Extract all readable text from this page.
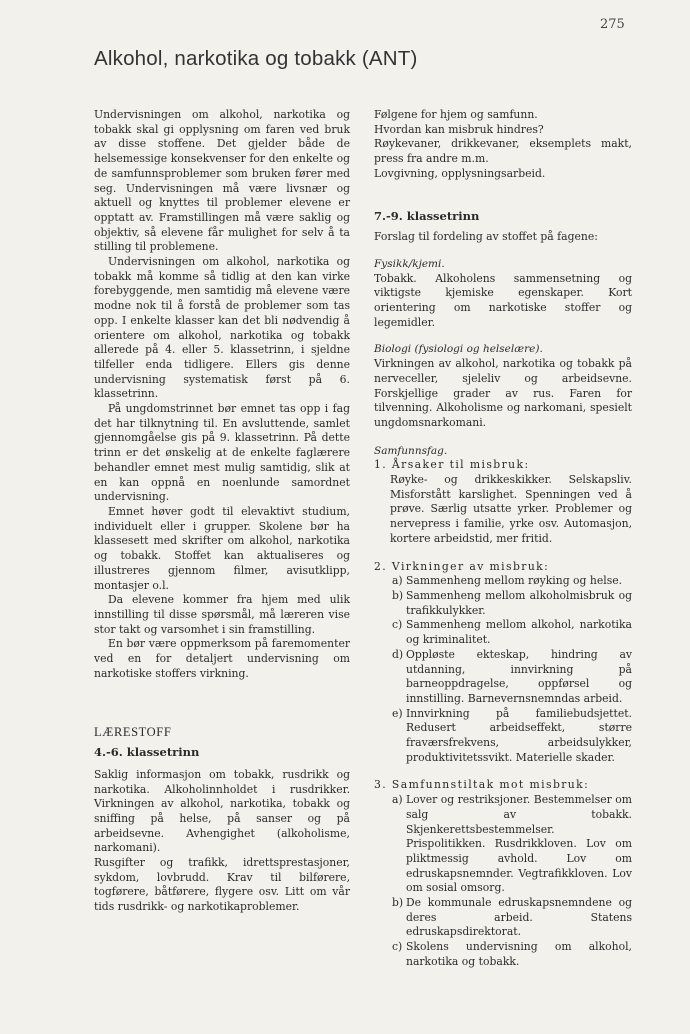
275
Alkohol, narkotika og tobakk (ANT)

Undervisningen om alkohol, narkotika og tobakk skal gi opplysning om faren ved bruk av disse stoffene. Det gjelder både de helsemessige konsekvenser for den enkelte og de samfunnsproblemer som bruken fører med seg. Undervisningen må være livsnær og aktuell og knyttes til problemer elevene er opptatt av. Framstillingen må være saklig og objektiv, så elevene får mulighet for selv å ta stilling til problemene.

Undervisningen om alkohol, narkotika og tobakk må komme så tidlig at den kan virke forebyggende, men samtidig må elevene være modne nok til å forstå de problemer som tas opp. I enkelte klasser kan det bli nødvendig å orientere om alkohol, narkotika og tobakk allerede på 4. eller 5. klassetrinn, i sjeldne tilfeller enda tidligere. Ellers gis denne undervisning systematisk først på 6. klassetrinn.

På ungdomstrinnet bør emnet tas opp i fag det har tilknytning til. En avsluttende, samlet gjennomgåelse gis på 9. klassetrinn. På dette trinn er det ønskelig at de enkelte faglærere behandler emnet mest mulig samtidig, slik at en kan oppnå en noenlunde samordnet undervisning.

Emnet høver godt til elevaktivt studium, individuelt eller i grupper. Skolene bør ha klassesett med skrifter om alkohol, narkotika og tobakk. Stoffet kan aktualiseres og illustreres gjennom filmer, avisutklipp, montasjer o.l.

Da elevene kommer fra hjem med ulik innstilling til disse spørsmål, må læreren vise stor takt og varsomhet i sin framstilling.

En bør være oppmerksom på faremomenter ved en for detaljert undervisning om narkotiske stoffers virkning.

LÆRESTOFF

4.-6. klassetrinn

Saklig informasjon om tobakk, rusdrikk og narkotika. Alkoholinnholdet i rusdrikker. Virkningen av alkohol, narkotika, tobakk og sniffing på helse, på sanser og på arbeidsevne. Avhengighet (alkoholisme, narkomani).

Rusgifter og trafikk, idrettsprestasjoner, sykdom, lovbrudd. Krav til bilførere, togførere, båtførere, flygere osv. Litt om vår tids rusdrikk- og narkotikaproblemer.

Følgene for hjem og samfunn.

Hvordan kan misbruk hindres?

Røykevaner, drikkevaner, eksemplets makt, press fra andre m.m.

Lovgivning, opplysningsarbeid.

7.-9. klassetrinn

Forslag til fordeling av stoffet på fagene:

Fysikk/kjemi.

Tobakk. Alkoholens sammensetning og viktigste kjemiske egenskaper. Kort orientering om narkotiske stoffer og legemidler.

Biologi (fysiologi og helselære).

Virkningen av alkohol, narkotika og tobakk på nerveceller, sjeleliv og arbeidsevne. Forskjellige grader av rus. Faren for tilvenning. Alkoholisme og narkomani, spesielt ungdomsnarkomani.

Samfunnsfag.

1. Årsaker til misbruk:

Røyke- og drikkeskikker. Selskapsliv. Misforstått karslighet. Spenningen ved å prøve. Særlig utsatte yrker. Problemer og nervepress i familie, yrke osv. Automasjon, kortere arbeidstid, mer fritid.

2. Virkninger av misbruk:

a) Sammenheng mellom røyking og helse.
b) Sammenheng mellom alkoholmisbruk og trafikkulykker.
c) Sammenheng mellom alkohol, narkotika og kriminalitet.
d) Oppløste ekteskap, hindring av utdanning, innvirkning på barneoppdragelse, oppførsel og innstilling. Barnevernsnemndas arbeid.
e) Innvirkning på familiebudsjettet. Redusert arbeidseffekt, større fraværsfrekvens, arbeidsulykker, produktivitetssvikt. Materielle skader.

3. Samfunnstiltak mot misbruk:

a) Lover og restriksjoner. Bestemmelser om salg av tobakk. Skjenkerettsbestemmelser. Prispolitikken. Rusdrikkloven. Lov om pliktmessig avhold. Lov om edruskapsnemnder. Vegtrafikkloven. Lov om sosial omsorg.
b) De kommunale edruskapsnemndene og deres arbeid. Statens edruskapsdirektorat.
c) Skolens undervisning om alkohol, narkotika og tobakk.
